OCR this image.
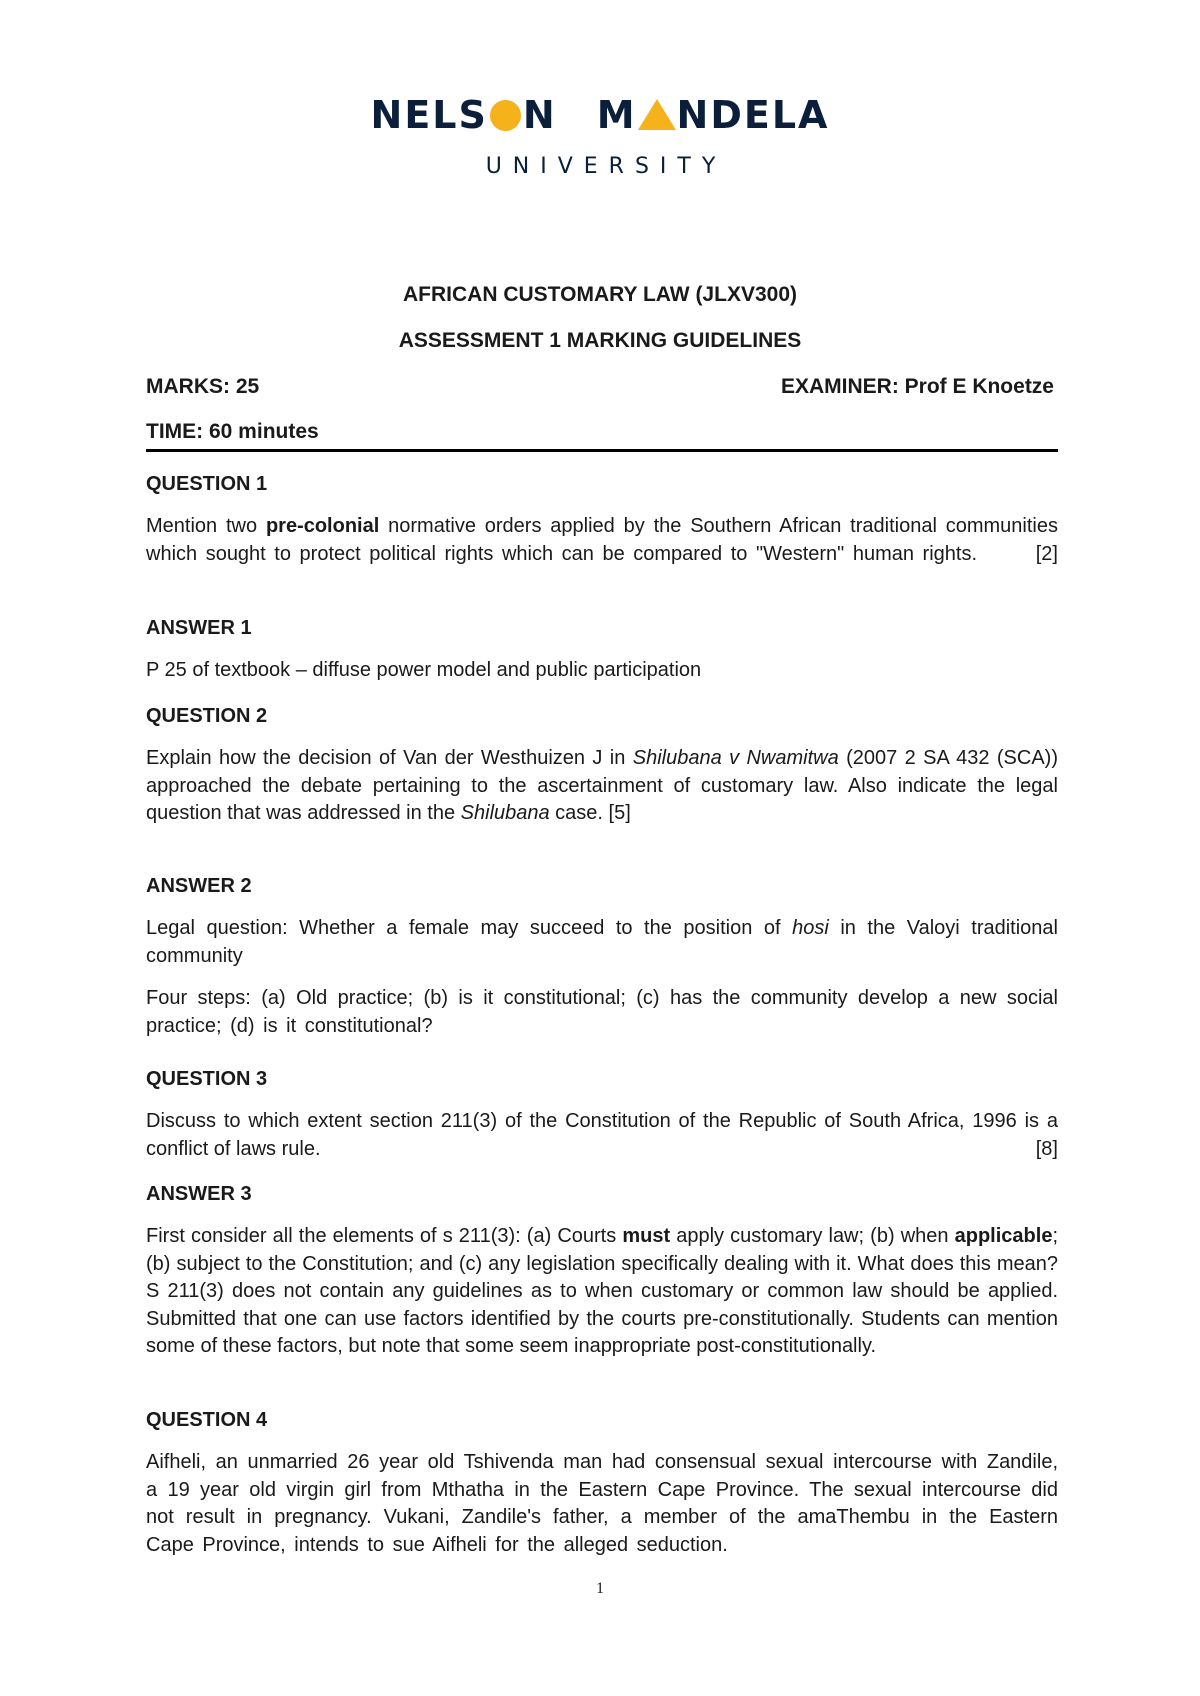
NELS N M NDELA
UNIVERSITY
AFRICAN CUSTOMARY LAW (JLXV300)
ASSESSMENT 1 MARKING GUIDELINES
MARKS: 25	EXAMINER: Prof E Knoetze
TIME: 60 minutes
QUESTION 1
Mention two pre-colonial normative orders applied by the Southern African traditional communities which sought to protect political rights which can be compared to "Western" human rights.	[2]
ANSWER 1
P 25 of textbook – diffuse power model and public participation
QUESTION 2
Explain how the decision of Van der Westhuizen J in Shilubana v Nwamitwa (2007 2 SA 432 (SCA)) approached the debate pertaining to the ascertainment of customary law. Also indicate the legal question that was addressed in the Shilubana case. [5]
ANSWER 2
Legal question: Whether a female may succeed to the position of hosi in the Valoyi traditional community
Four steps: (a) Old practice; (b) is it constitutional; (c) has the community develop a new social practice; (d) is it constitutional?
QUESTION 3
Discuss to which extent section 211(3) of the Constitution of the Republic of South Africa, 1996 is a conflict of laws rule.	[8]
ANSWER 3
First consider all the elements of s 211(3): (a) Courts must apply customary law; (b) when applicable; (b) subject to the Constitution; and (c) any legislation specifically dealing with it. What does this mean? S 211(3) does not contain any guidelines as to when customary or common law should be applied. Submitted that one can use factors identified by the courts pre-constitutionally. Students can mention some of these factors, but note that some seem inappropriate post-constitutionally.
QUESTION 4
Aifheli, an unmarried 26 year old Tshivenda man had consensual sexual intercourse with Zandile, a 19 year old virgin girl from Mthatha in the Eastern Cape Province. The sexual intercourse did not result in pregnancy. Vukani, Zandile's father, a member of the amaThembu in the Eastern Cape Province, intends to sue Aifheli for the alleged seduction.
1
